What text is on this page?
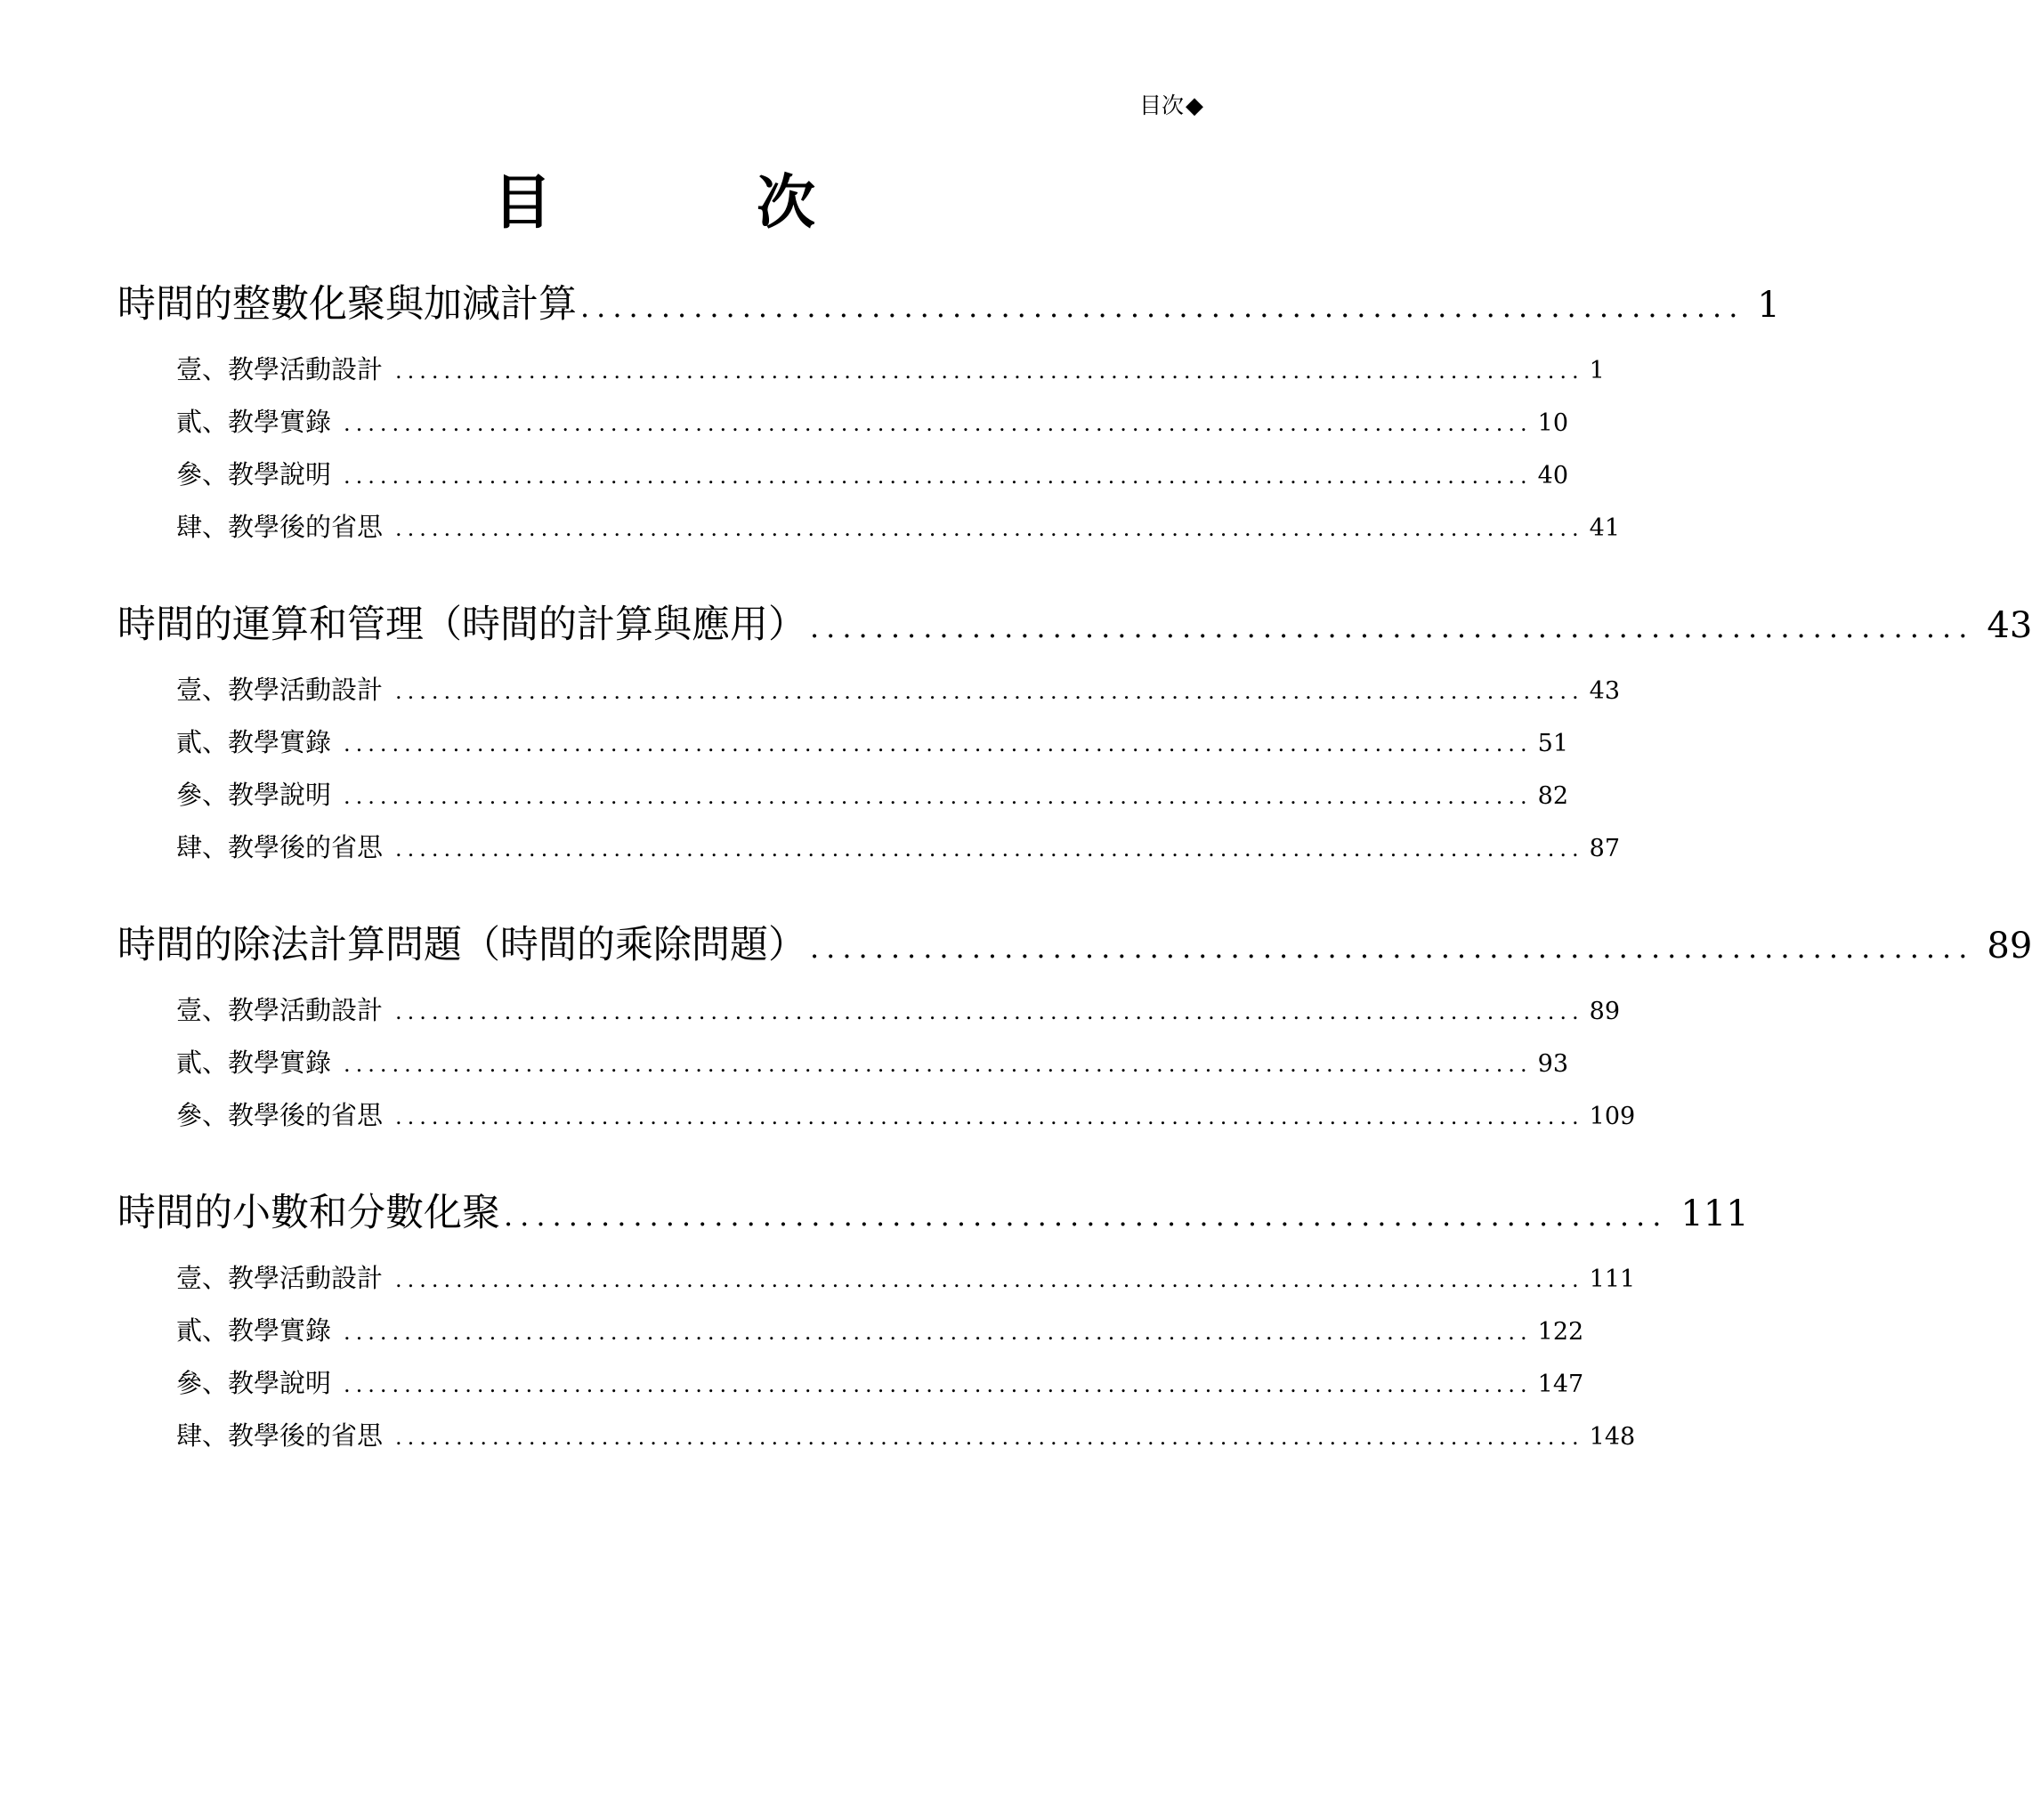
目次◆
目　次
時間的整數化聚與加減計算 ........................................................................ 1
壹、教學活動設計 .................................................................................................. 1
貳、教學實錄 .................................................................................................. 10
參、教學說明 .................................................................................................. 40
肆、教學後的省思 .................................................................................................. 41
時間的運算和管理（時間的計算與應用） ........................................................................ 43
壹、教學活動設計 .................................................................................................. 43
貳、教學實錄 .................................................................................................. 51
參、教學說明 .................................................................................................. 82
肆、教學後的省思 .................................................................................................. 87
時間的除法計算問題（時間的乘除問題） ........................................................................ 89
壹、教學活動設計 .................................................................................................. 89
貳、教學實錄 .................................................................................................. 93
參、教學後的省思 .................................................................................................. 109
時間的小數和分數化聚 ........................................................................ 111
壹、教學活動設計 .................................................................................................. 111
貳、教學實錄 .................................................................................................. 122
參、教學說明 .................................................................................................. 147
肆、教學後的省思 .................................................................................................. 148
